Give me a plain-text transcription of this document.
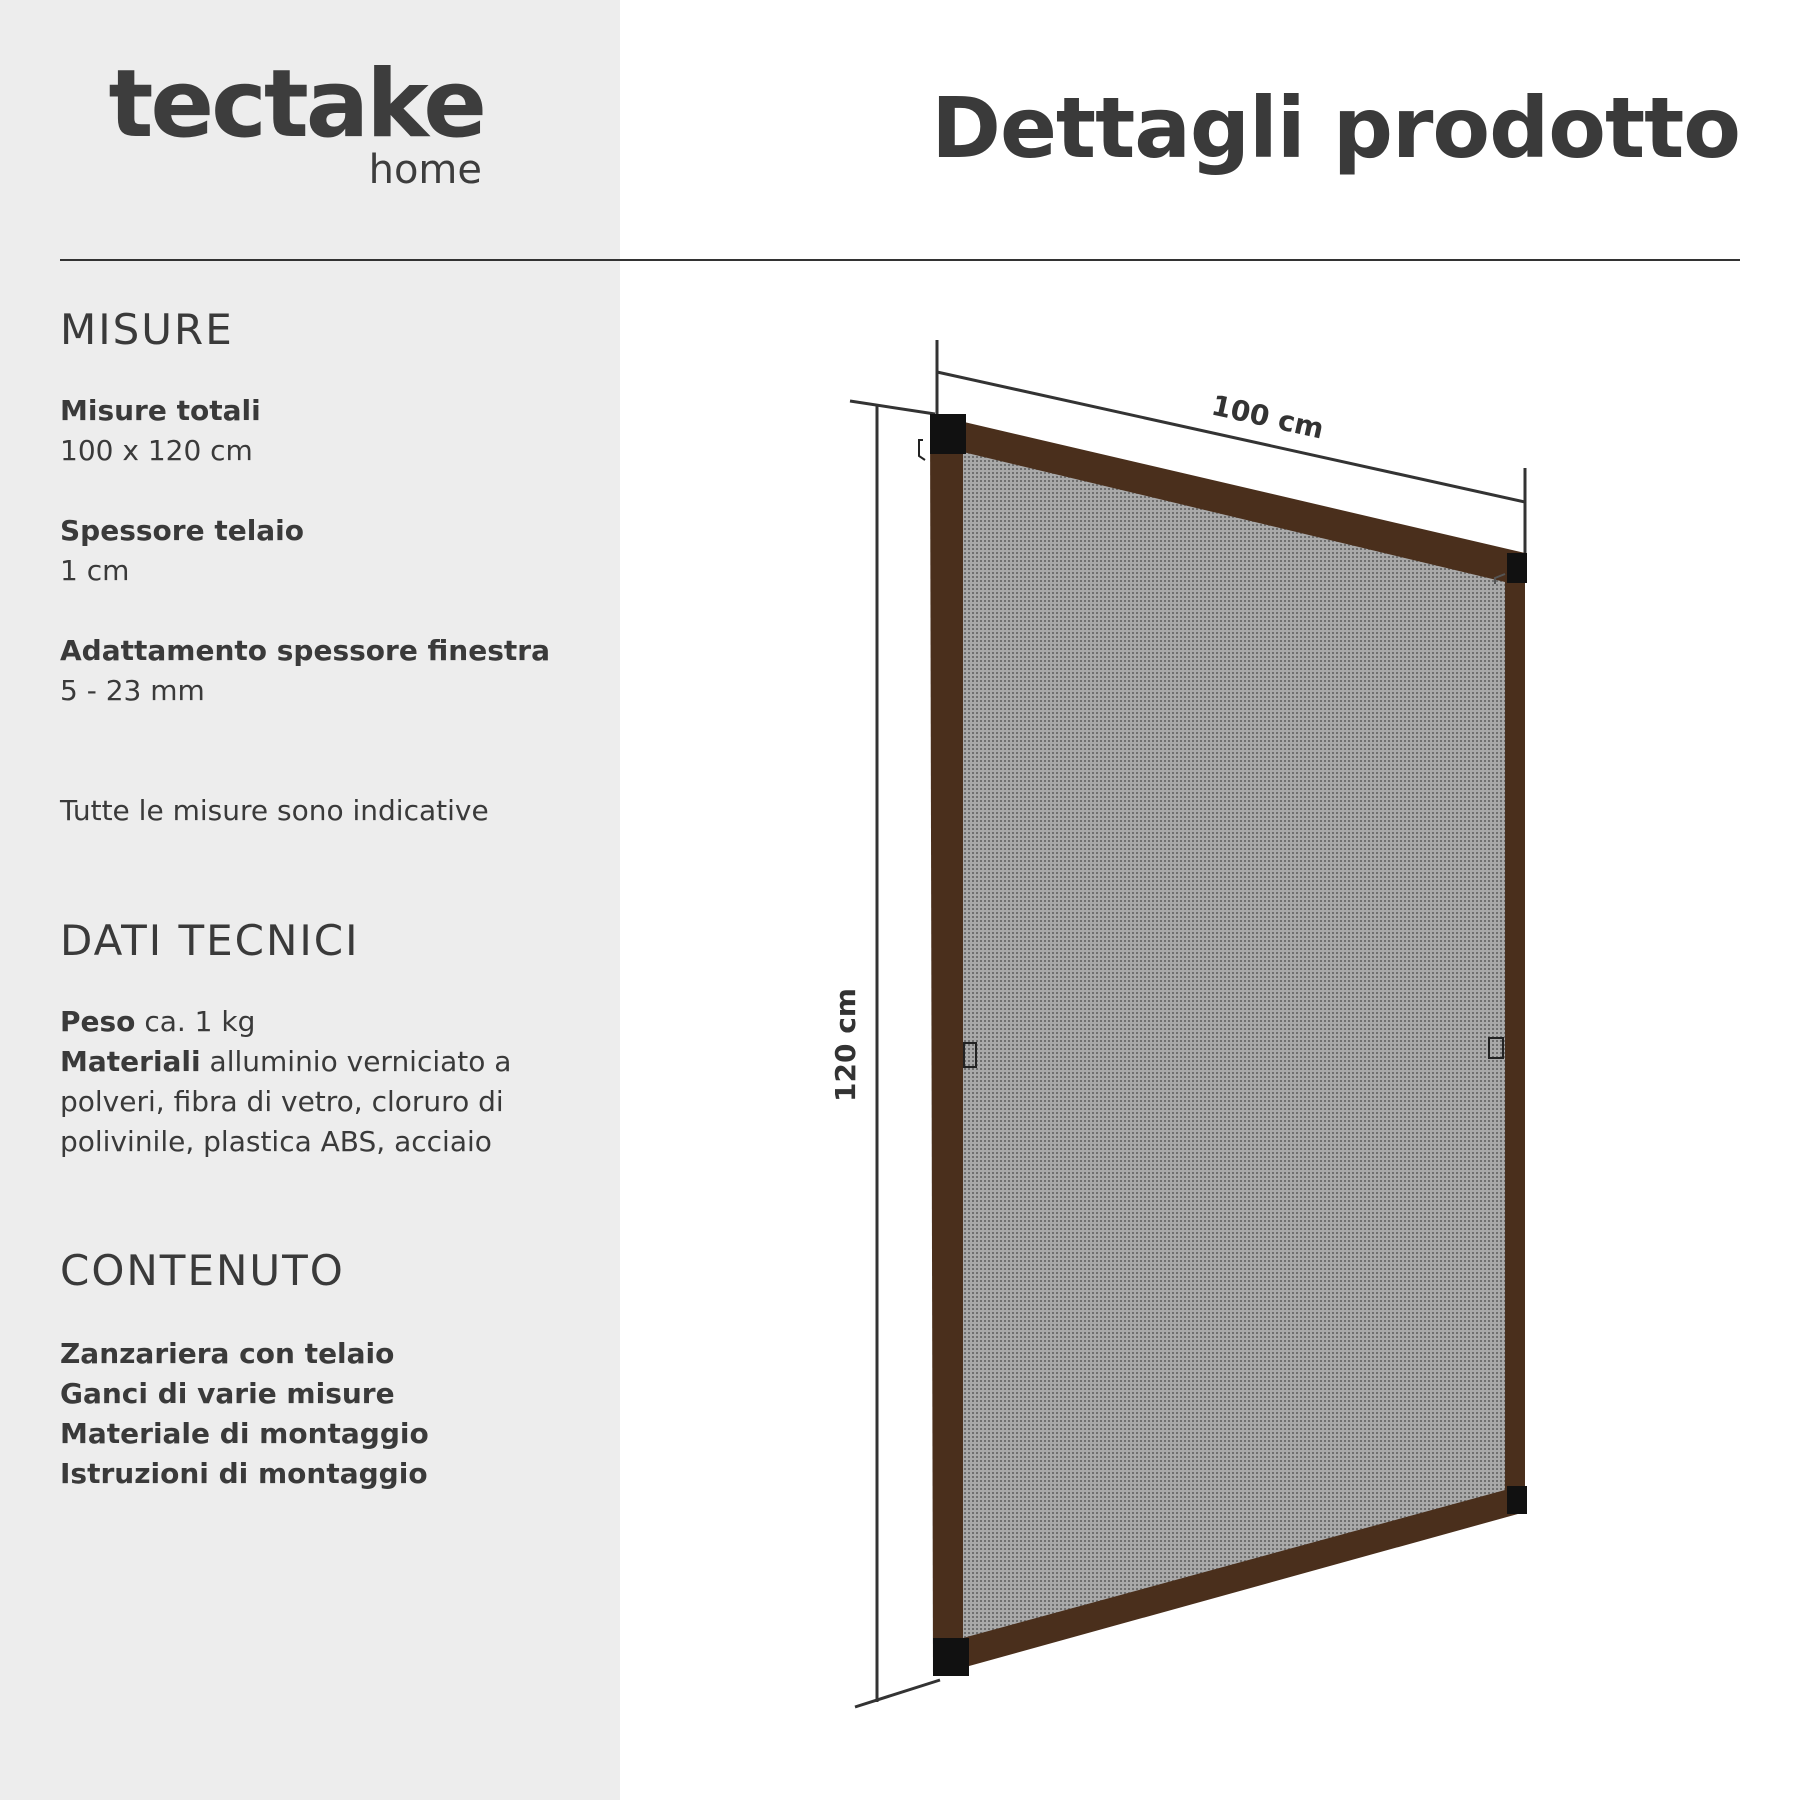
tectake
home	Dettagli prodotto
MISURE
Misure totali
100 x 120 cm
Spessore telaio
1 cm
Adattamento spessore finestra
5 - 23 mm
Tutte le misure sono indicative
DATI TECNICI
Peso ca. 1 kg
Materiali alluminio verniciato a polveri, fibra di vetro, cloruro di polivinile, plastica ABS, acciaio
CONTENUTO
Zanzariera con telaio
Ganci di varie misure
Materiale di montaggio
Istruzioni di montaggio
100 cm
120 cm
